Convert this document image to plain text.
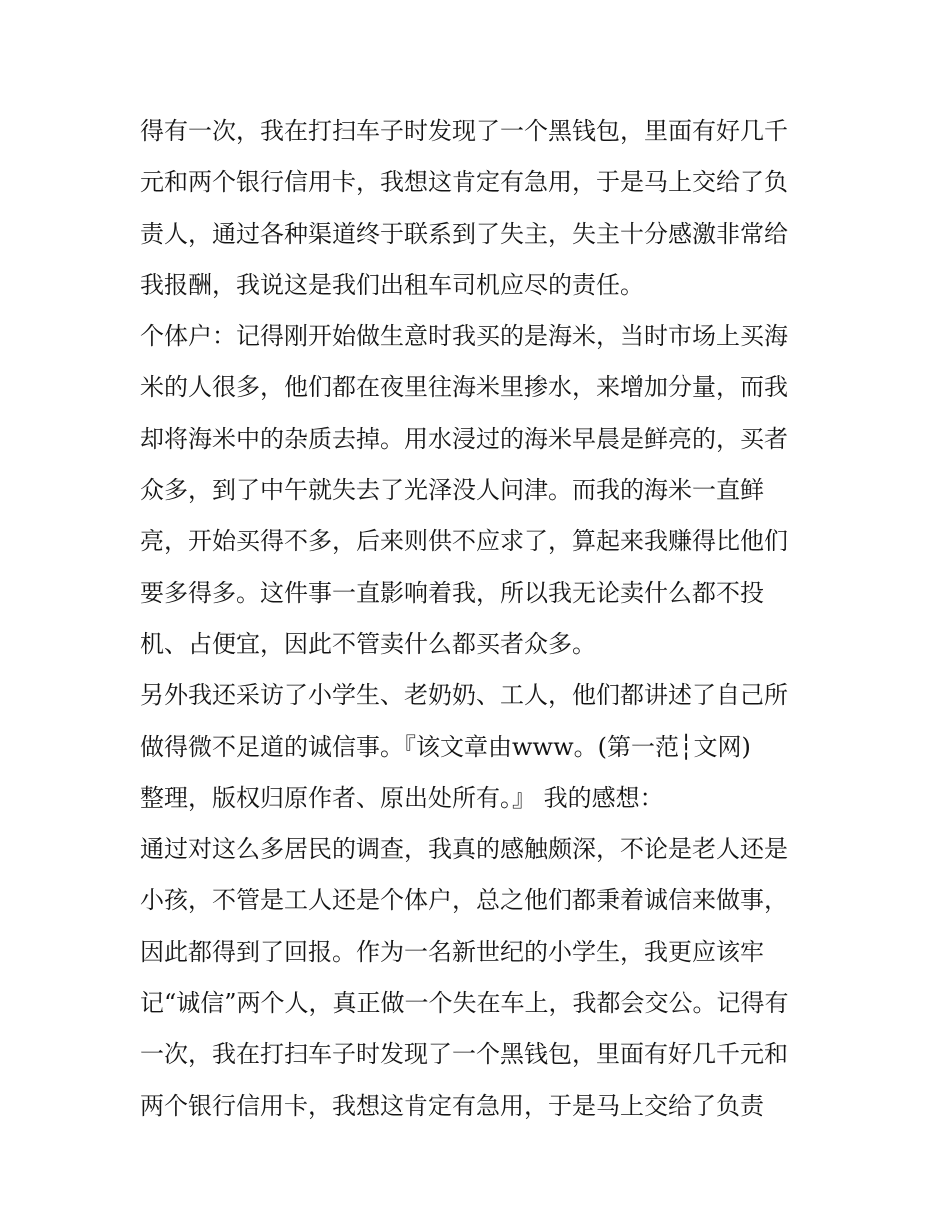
得有一次，我在打扫车子时发现了一个黑钱包，里面有好几千
元和两个银行信用卡，我想这肯定有急用，于是马上交给了负
责人，通过各种渠道终于联系到了失主，失主十分感激非常给
我报酬，我说这是我们出租车司机应尽的责任。
个体户：记得刚开始做生意时我买的是海米，当时市场上买海
米的人很多，他们都在夜里往海米里掺水，来增加分量，而我
却将海米中的杂质去掉。用水浸过的海米早晨是鲜亮的，买者
众多，到了中午就失去了光泽没人问津。而我的海米一直鲜
亮，开始买得不多，后来则供不应求了，算起来我赚得比他们
要多得多。这件事一直影响着我，所以我无论卖什么都不投
机、占便宜，因此不管卖什么都买者众多。
另外我还采访了小学生、老奶奶、工人，他们都讲述了自己所
做得微不足道的诚信事。『该文章由www。(第一范┆文网)
整理，版权归原作者、原出处所有。』 我的感想：
通过对这么多居民的调查，我真的感触颇深，不论是老人还是
小孩，不管是工人还是个体户，总之他们都秉着诚信来做事，
因此都得到了回报。作为一名新世纪的小学生，我更应该牢
记“诚信”两个人，真正做一个失在车上，我都会交公。记得有
一次，我在打扫车子时发现了一个黑钱包，里面有好几千元和
两个银行信用卡，我想这肯定有急用，于是马上交给了负责
